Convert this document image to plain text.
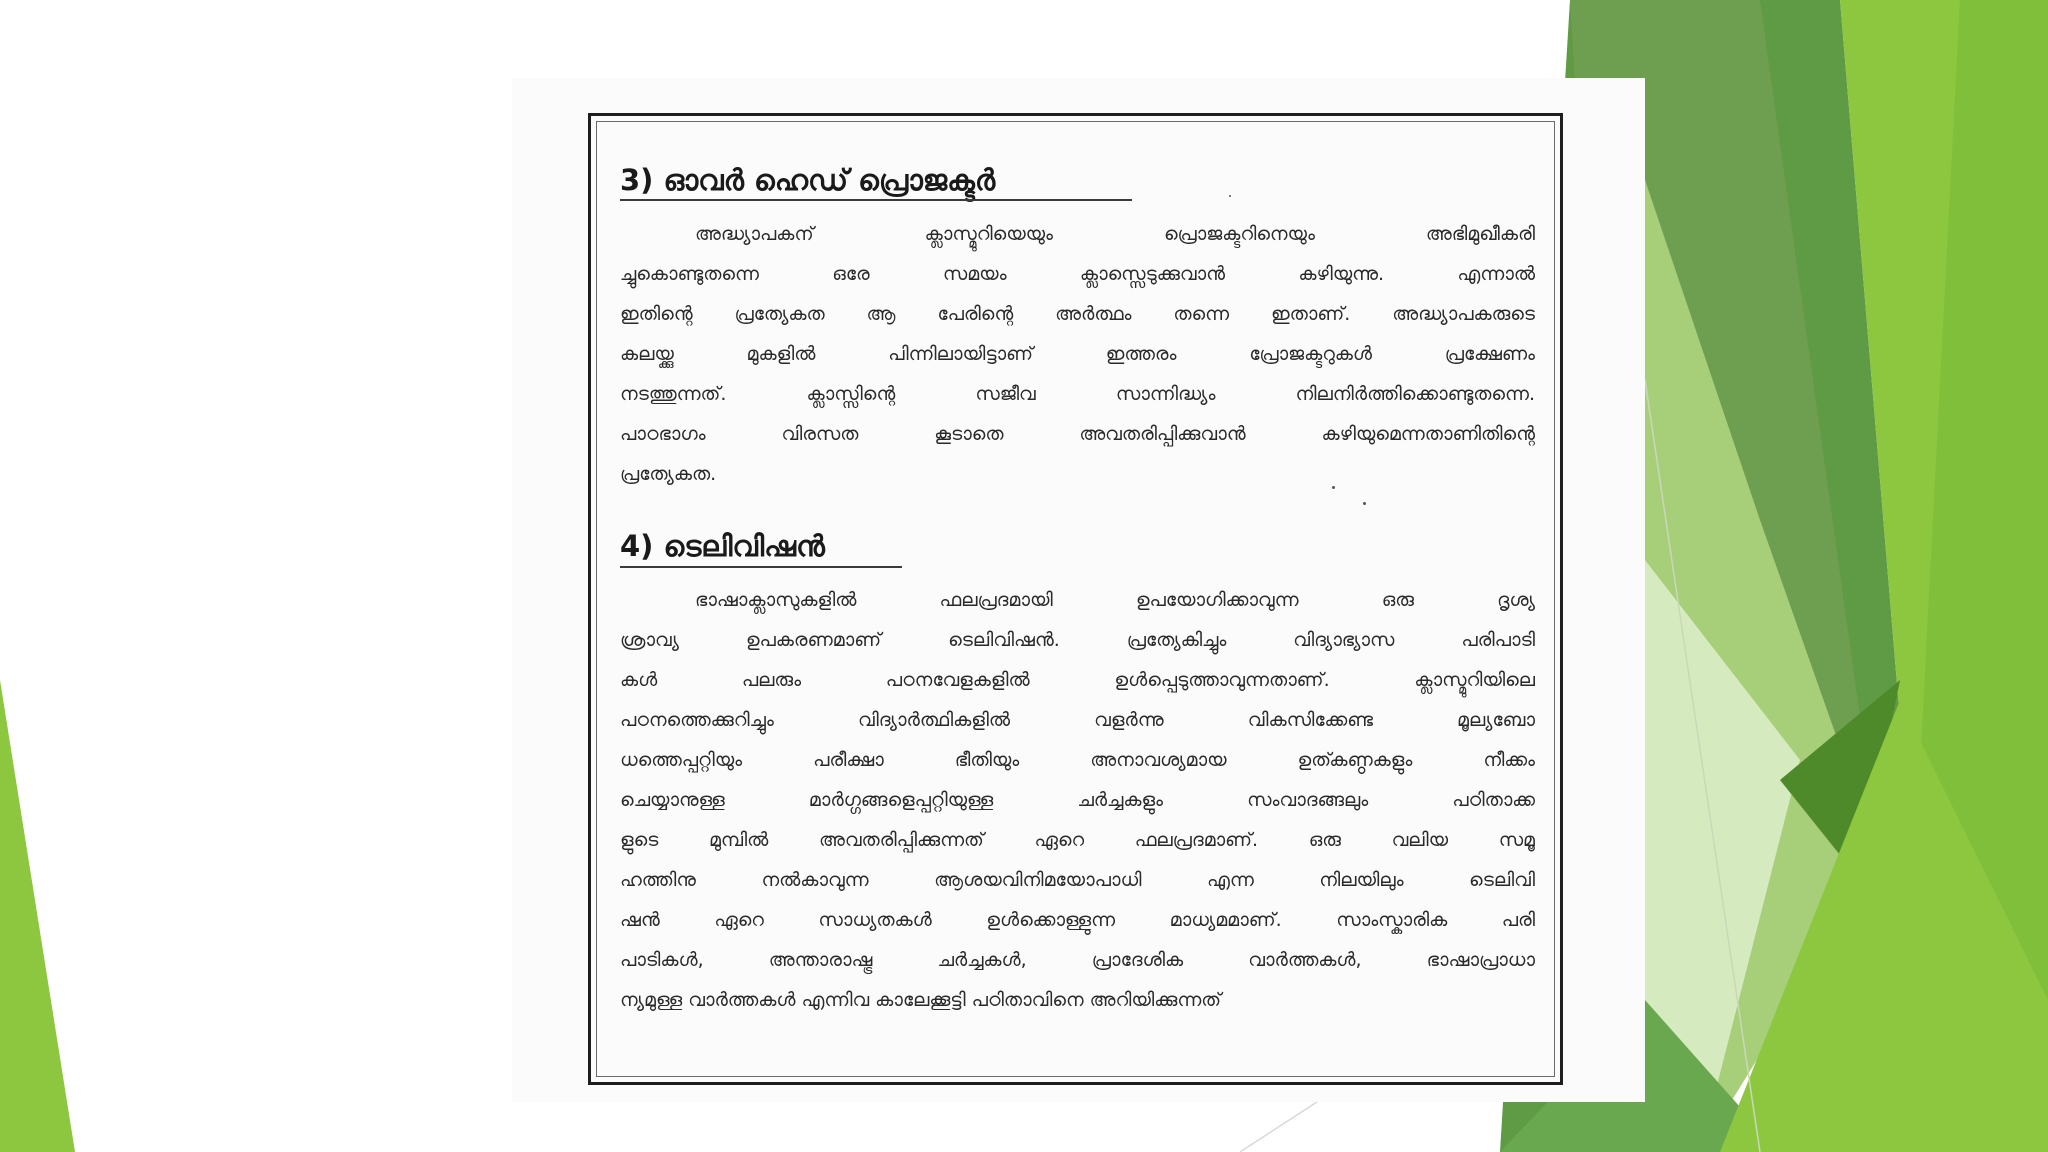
3) ഓവർ ഹെഡ് പ്രൊജക്ടർ
അദ്ധ്യാപകന് ക്ലാസ്മുറിയെയും പ്രൊജക്ടറിനെയും അഭിമുഖീകരി
ച്ചുകൊണ്ടുതന്നെ ഒരേ സമയം ക്ലാസ്സെടുക്കുവാൻ കഴിയുന്നു. എന്നാൽ
ഇതിന്റെ പ്രത്യേകത ആ പേരിന്റെ അർത്ഥം തന്നെ ഇതാണ്. അദ്ധ്യാപകരുടെ
കലയ്ക്കു മുകളിൽ പിന്നിലായിട്ടാണ് ഇത്തരം പ്രോജക്ടറുകൾ പ്രക്ഷേണം
നടത്തുന്നത്. ക്ലാസ്സിന്റെ സജീവ സാന്നിദ്ധ്യം നിലനിർത്തിക്കൊണ്ടുതന്നെ.
പാഠഭാഗം വിരസത കൂടാതെ അവതരിപ്പിക്കുവാൻ കഴിയുമെന്നതാണിതിന്റെ
പ്രത്യേകത.
4) ടെലിവിഷൻ
ഭാഷാക്ലാസുകളിൽ ഫലപ്രദമായി ഉപയോഗിക്കാവുന്ന ഒരു ദൃശ്യ
ശ്രാവ്യ ഉപകരണമാണ് ടെലിവിഷൻ. പ്രത്യേകിച്ചും വിദ്യാഭ്യാസ പരിപാടി
കൾ പലരും പഠനവേളകളിൽ ഉൾപ്പെടുത്താവുന്നതാണ്. ക്ലാസ്മുറിയിലെ
പഠനത്തെക്കുറിച്ചും വിദ്യാർത്ഥികളിൽ വളർന്നു വികസിക്കേണ്ട മൂല്യബോ
ധത്തെപ്പറ്റിയും പരീക്ഷാ ഭീതിയും അനാവശ്യമായ ഉത്കണ്ഠകളും നീക്കം
ചെയ്യാനുള്ള മാർഗ്ഗങ്ങളെപ്പറ്റിയുള്ള ചർച്ചകളും സംവാദങ്ങലും പഠിതാക്ക
ളുടെ മുമ്പിൽ അവതരിപ്പിക്കുന്നത് ഏറെ ഫലപ്രദമാണ്. ഒരു വലിയ സമൂ
ഹത്തിനു നൽകാവുന്ന ആശയവിനിമയോപാധി എന്ന നിലയിലും ടെലിവി
ഷൻ ഏറെ സാധ്യതകൾ ഉൾക്കൊള്ളുന്ന മാധ്യമമാണ്. സാംസ്കാരിക പരി
പാടികൾ, അന്താരാഷ്ട്ര ചർച്ചകൾ, പ്രാദേശിക വാർത്തകൾ, ഭാഷാപ്രാധാ
ന്യമുള്ള വാർത്തകൾ എന്നിവ കാലേക്കൂട്ടി പഠിതാവിനെ അറിയിക്കുന്നത്
